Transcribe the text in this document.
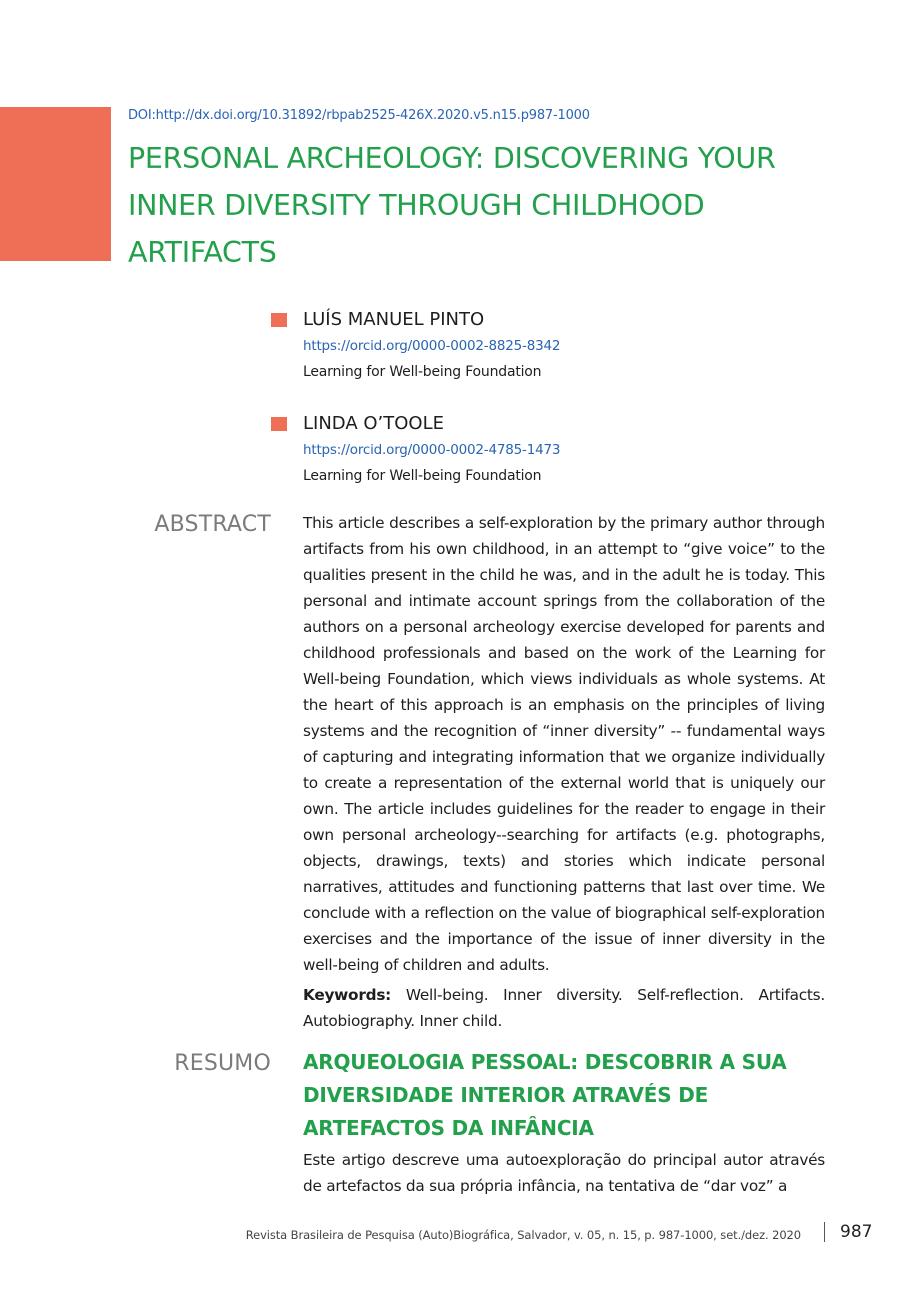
DOI:http://dx.doi.org/10.31892/rbpab2525-426X.2020.v5.n15.p987-1000
PERSONAL ARCHEOLOGY: DISCOVERING YOUR INNER DIVERSITY THROUGH CHILDHOOD ARTIFACTS
LUÍS MANUEL PINTO
https://orcid.org/0000-0002-8825-8342
Learning for Well-being Foundation
LINDA O’TOOLE
https://orcid.org/0000-0002-4785-1473
Learning for Well-being Foundation
ABSTRACT This article describes a self-exploration by the primary author through artifacts from his own childhood, in an attempt to “give voice” to the qualities present in the child he was, and in the adult he is today. This personal and intimate account springs from the collaboration of the authors on a personal archeology exercise developed for parents and childhood professionals and based on the work of the Learning for Well-being Foundation, which views individuals as whole systems. At the heart of this approach is an emphasis on the principles of living systems and the recognition of “inner diversity” -- fundamental ways of capturing and integrating information that we organize individually to create a representation of the external world that is uniquely our own. The article includes guidelines for the reader to engage in their own personal archeology--searching for artifacts (e.g. photographs, objects, drawings, texts) and stories which indicate personal narratives, attitudes and functioning patterns that last over time. We conclude with a reflection on the value of biographical self-exploration exercises and the importance of the issue of inner diversity in the well-being of children and adults.

Keywords: Well-being. Inner diversity. Self-reflection. Artifacts. Autobiography. Inner child.

RESUMO ARQUEOLOGIA PESSOAL: DESCOBRIR A SUA DIVERSIDADE INTERIOR ATRAVÉS DE ARTEFACTOS DA INFÂNCIA

Este artigo descreve uma autoexploração do principal autor através de artefactos da sua própria infância, na tentativa de “dar voz” a

Revista Brasileira de Pesquisa (Auto)Biográfica, Salvador, v. 05, n. 15, p. 987-1000, set./dez. 2020 987
